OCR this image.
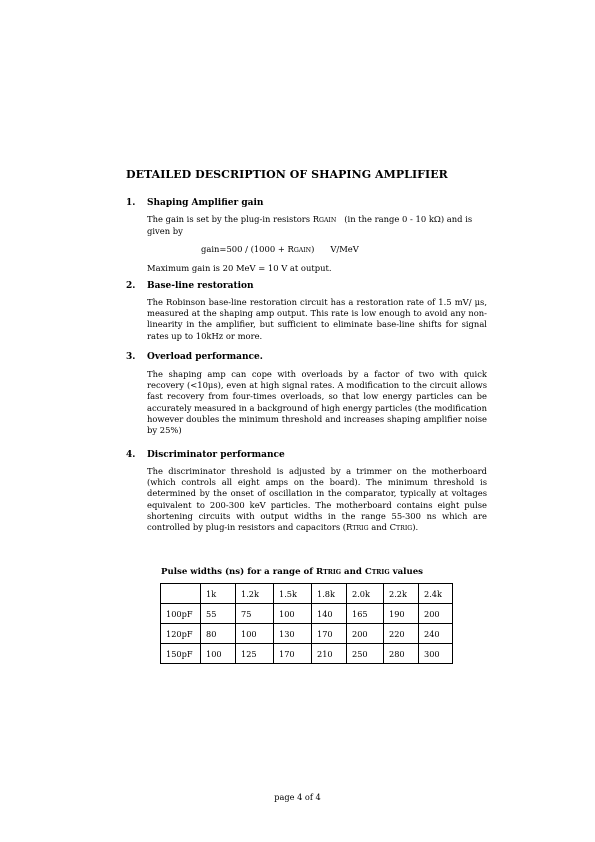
DETAILED DESCRIPTION OF SHAPING AMPLIFIER
1. Shaping Amplifier gain
The gain is set by the plug-in resistors RGAIN   (in the range 0 - 10 kΩ) and is
given by
gain=500 / (1000 + RGAIN)      V/MeV
Maximum gain is 20 MeV = 10 V at output.
2. Base-line restoration
The Robinson base-line restoration circuit has a restoration rate of 1.5 mV/ μs, measured at the shaping amp output. This rate is low enough to avoid any non-linearity in the amplifier, but sufficient to eliminate base-line shifts for signal rates up to 10kHz or more.
3. Overload performance.
The shaping amp can cope with overloads by a factor of two with quick recovery (<10μs), even at high signal rates. A modification to the circuit allows fast recovery from four-times overloads, so that low energy particles can be accurately measured in a background of high energy particles (the modification however doubles the minimum threshold and increases shaping amplifier noise by 25%)
4. Discriminator performance
The discriminator threshold is adjusted by a trimmer on the motherboard (which controls all eight amps on the board). The minimum threshold is determined by the onset of oscillation in the comparator, typically at voltages equivalent to 200-300 keV particles. The motherboard contains eight pulse shortening circuits with output widths in the range 55-300 ns which are controlled by plug-in resistors and capacitors (RTRIG and CTRIG).
Pulse widths (ns) for a range of RTRIG and CTRIG values
	1k	1.2k	1.5k	1.8k	2.0k	2.2k	2.4k
100pF	55	75	100	140	165	190	200
120pF	80	100	130	170	200	220	240
150pF	100	125	170	210	250	280	300
page 4 of 4
